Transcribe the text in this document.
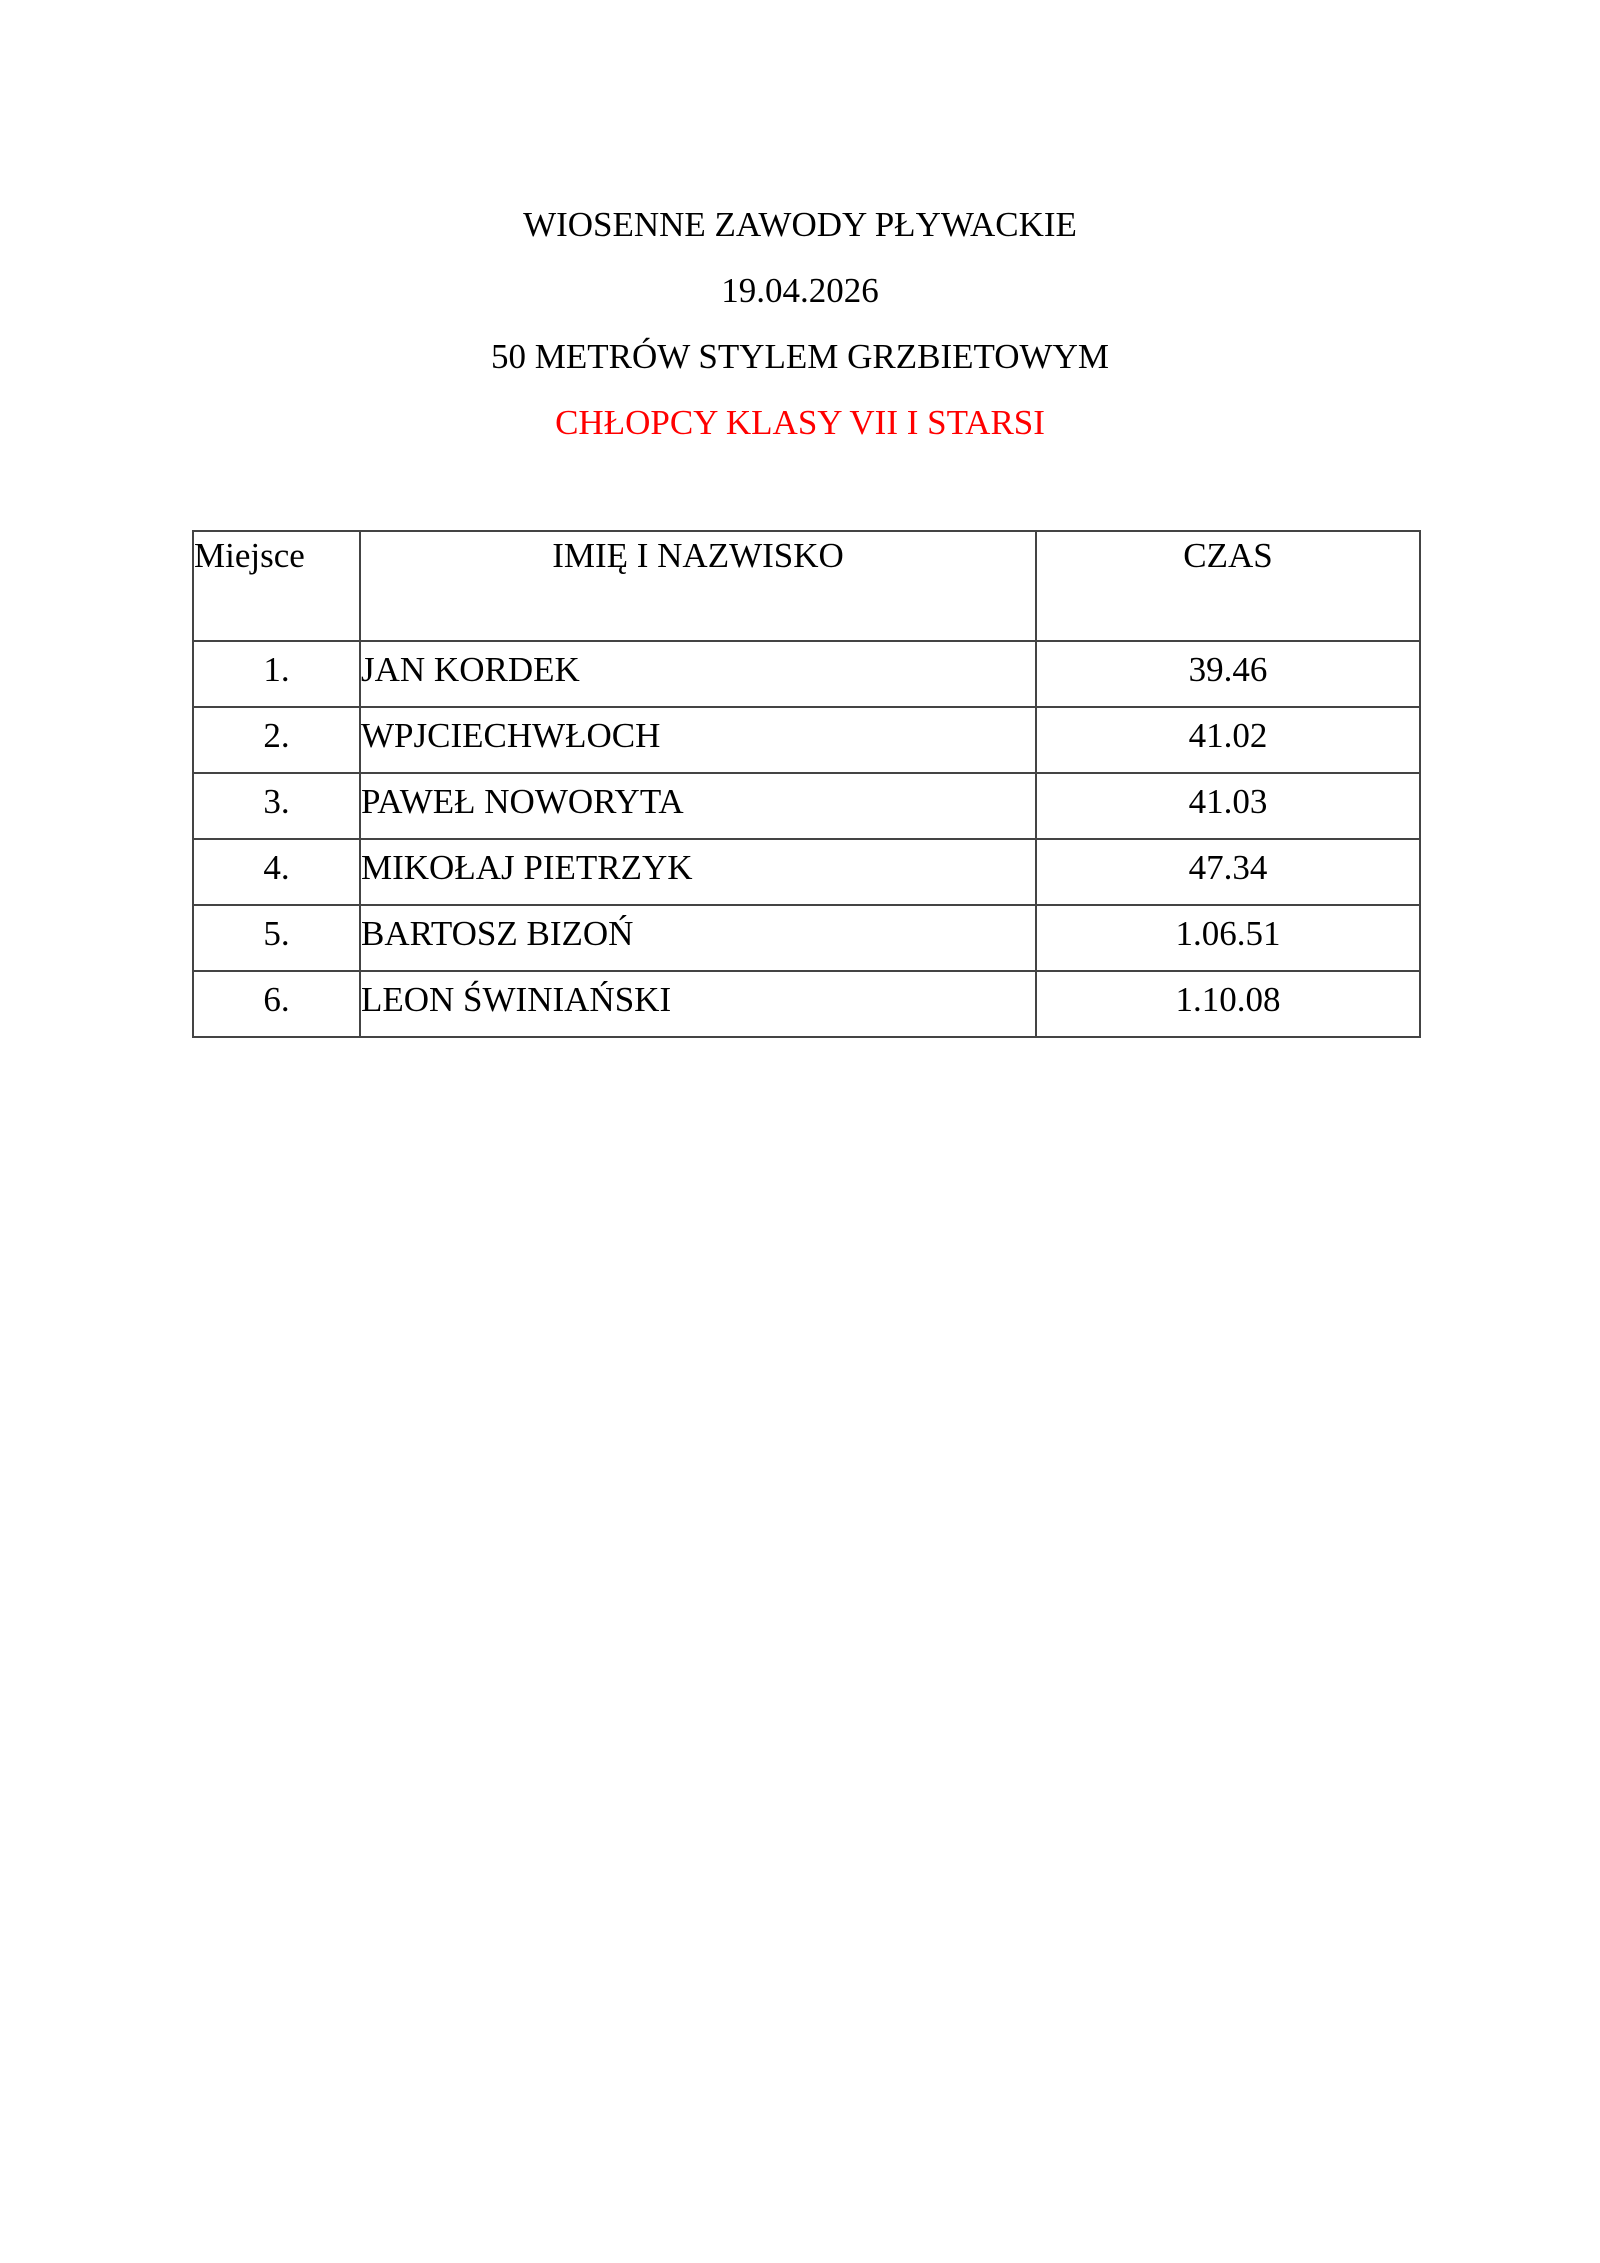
WIOSENNE ZAWODY PŁYWACKIE
19.04.2026
50 METRÓW STYLEM GRZBIETOWYM
CHŁOPCY KLASY VII I STARSI
Miejsce	IMIĘ I NAZWISKO	CZAS
1.	JAN KORDEK	39.46
2.	WPJCIECHWŁOCH	41.02
3.	PAWEŁ NOWORYTA	41.03
4.	MIKOŁAJ PIETRZYK	47.34
5.	BARTOSZ BIZOŃ	1.06.51
6.	LEON ŚWINIAŃSKI	1.10.08
